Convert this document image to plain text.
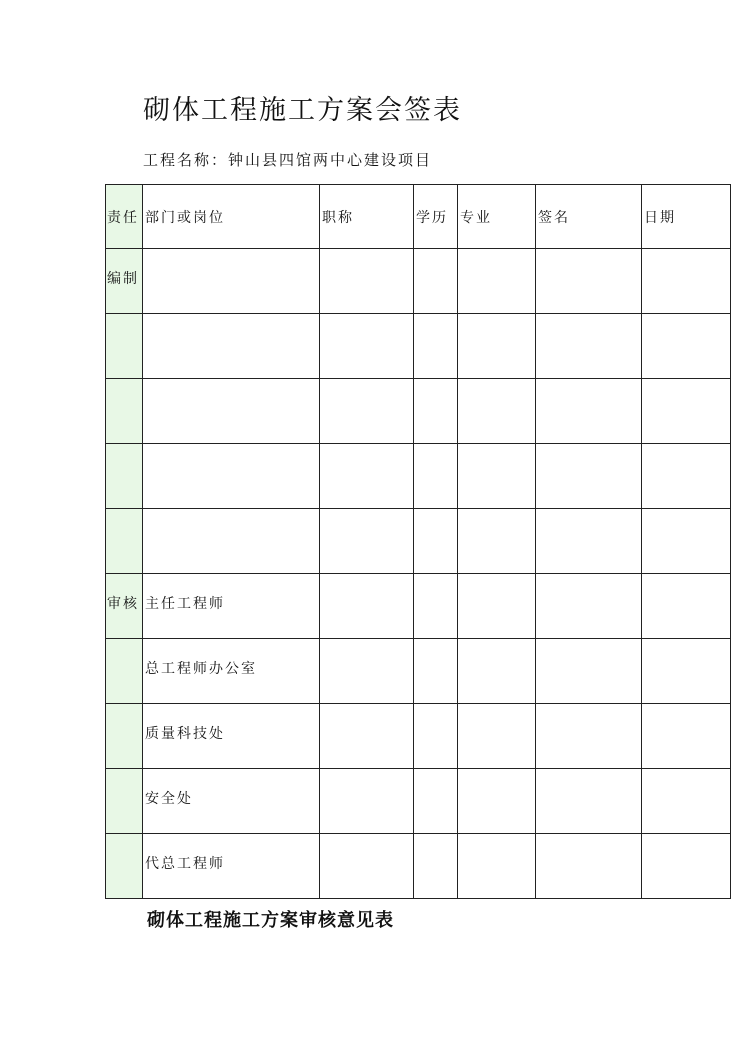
砌体工程施工方案会签表
工程名称：钟山县四馆两中心建设项目
责任	部门或岗位	职称	学历	专业	签名	日期
编制						

审核	主任工程师					
	总工程师办公室					
	质量科技处					
	安全处					
	代总工程师					
砌体工程施工方案审核意见表
